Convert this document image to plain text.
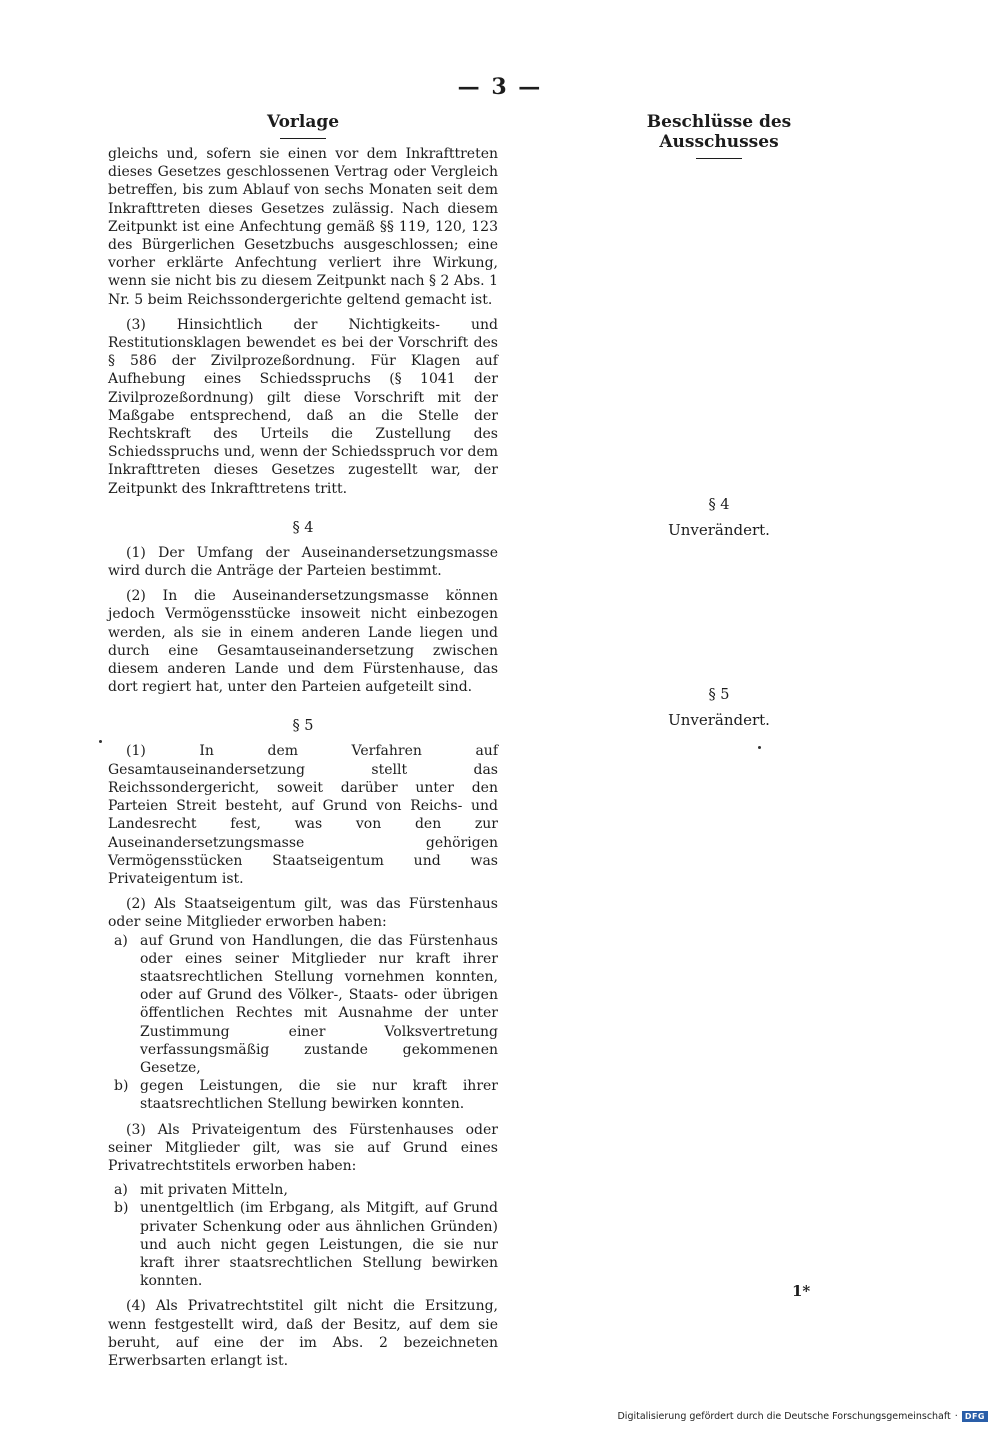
— 3 —

Vorlage

gleichs und, sofern sie einen vor dem Inkrafttreten dieses Gesetzes geschlossenen Vertrag oder Vergleich betreffen, bis zum Ablauf von sechs Monaten seit dem Inkrafttreten dieses Gesetzes zulässig. Nach diesem Zeitpunkt ist eine Anfechtung gemäß §§ 119, 120, 123 des Bürgerlichen Gesetzbuchs ausgeschlossen; eine vorher erklärte Anfechtung verliert ihre Wirkung, wenn sie nicht bis zu diesem Zeitpunkt nach § 2 Abs. 1 Nr. 5 beim Reichssondergerichte geltend gemacht ist.

(3) Hinsichtlich der Nichtigkeits- und Restitutionsklagen bewendet es bei der Vorschrift des § 586 der Zivilprozeßordnung. Für Klagen auf Aufhebung eines Schiedsspruchs (§ 1041 der Zivilprozeßordnung) gilt diese Vorschrift mit der Maßgabe entsprechend, daß an die Stelle der Rechtskraft des Urteils die Zustellung des Schiedsspruchs und, wenn der Schiedsspruch vor dem Inkrafttreten dieses Gesetzes zugestellt war, der Zeitpunkt des Inkrafttretens tritt.

§ 4

(1) Der Umfang der Auseinandersetzungsmasse wird durch die Anträge der Parteien bestimmt.

(2) In die Auseinandersetzungsmasse können jedoch Vermögensstücke insoweit nicht einbezogen werden, als sie in einem anderen Lande liegen und durch eine Gesamtauseinandersetzung zwischen diesem anderen Lande und dem Fürstenhause, das dort regiert hat, unter den Parteien aufgeteilt sind.

§ 5

(1) In dem Verfahren auf Gesamtauseinandersetzung stellt das Reichssondergericht, soweit darüber unter den Parteien Streit besteht, auf Grund von Reichs- und Landesrecht fest, was von den zur Auseinandersetzungsmasse gehörigen Vermögensstücken Staatseigentum und was Privateigentum ist.

(2) Als Staatseigentum gilt, was das Fürstenhaus oder seine Mitglieder erworben haben:

a) auf Grund von Handlungen, die das Fürstenhaus oder eines seiner Mitglieder nur kraft ihrer staatsrechtlichen Stellung vornehmen konnten, oder auf Grund des Völker-, Staats- oder übrigen öffentlichen Rechtes mit Ausnahme der unter Zustimmung einer Volksvertretung verfassungsmäßig zustande gekommenen Gesetze,
b) gegen Leistungen, die sie nur kraft ihrer staatsrechtlichen Stellung bewirken konnten.

(3) Als Privateigentum des Fürstenhauses oder seiner Mitglieder gilt, was sie auf Grund eines Privatrechtstitels erworben haben:

a) mit privaten Mitteln,
b) unentgeltlich (im Erbgang, als Mitgift, auf Grund privater Schenkung oder aus ähnlichen Gründen) und auch nicht gegen Leistungen, die sie nur kraft ihrer staatsrechtlichen Stellung bewirken konnten.

(4) Als Privatrechtstitel gilt nicht die Ersitzung, wenn festgestellt wird, daß der Besitz, auf dem sie beruht, auf eine der im Abs. 2 bezeichneten Erwerbsarten erlangt ist.

Beschlüsse des Ausschusses

§ 4

Unverändert.

§ 5

Unverändert.

1*
Digitalisierung gefördert durch die Deutsche Forschungsgemeinschaft · DFG
